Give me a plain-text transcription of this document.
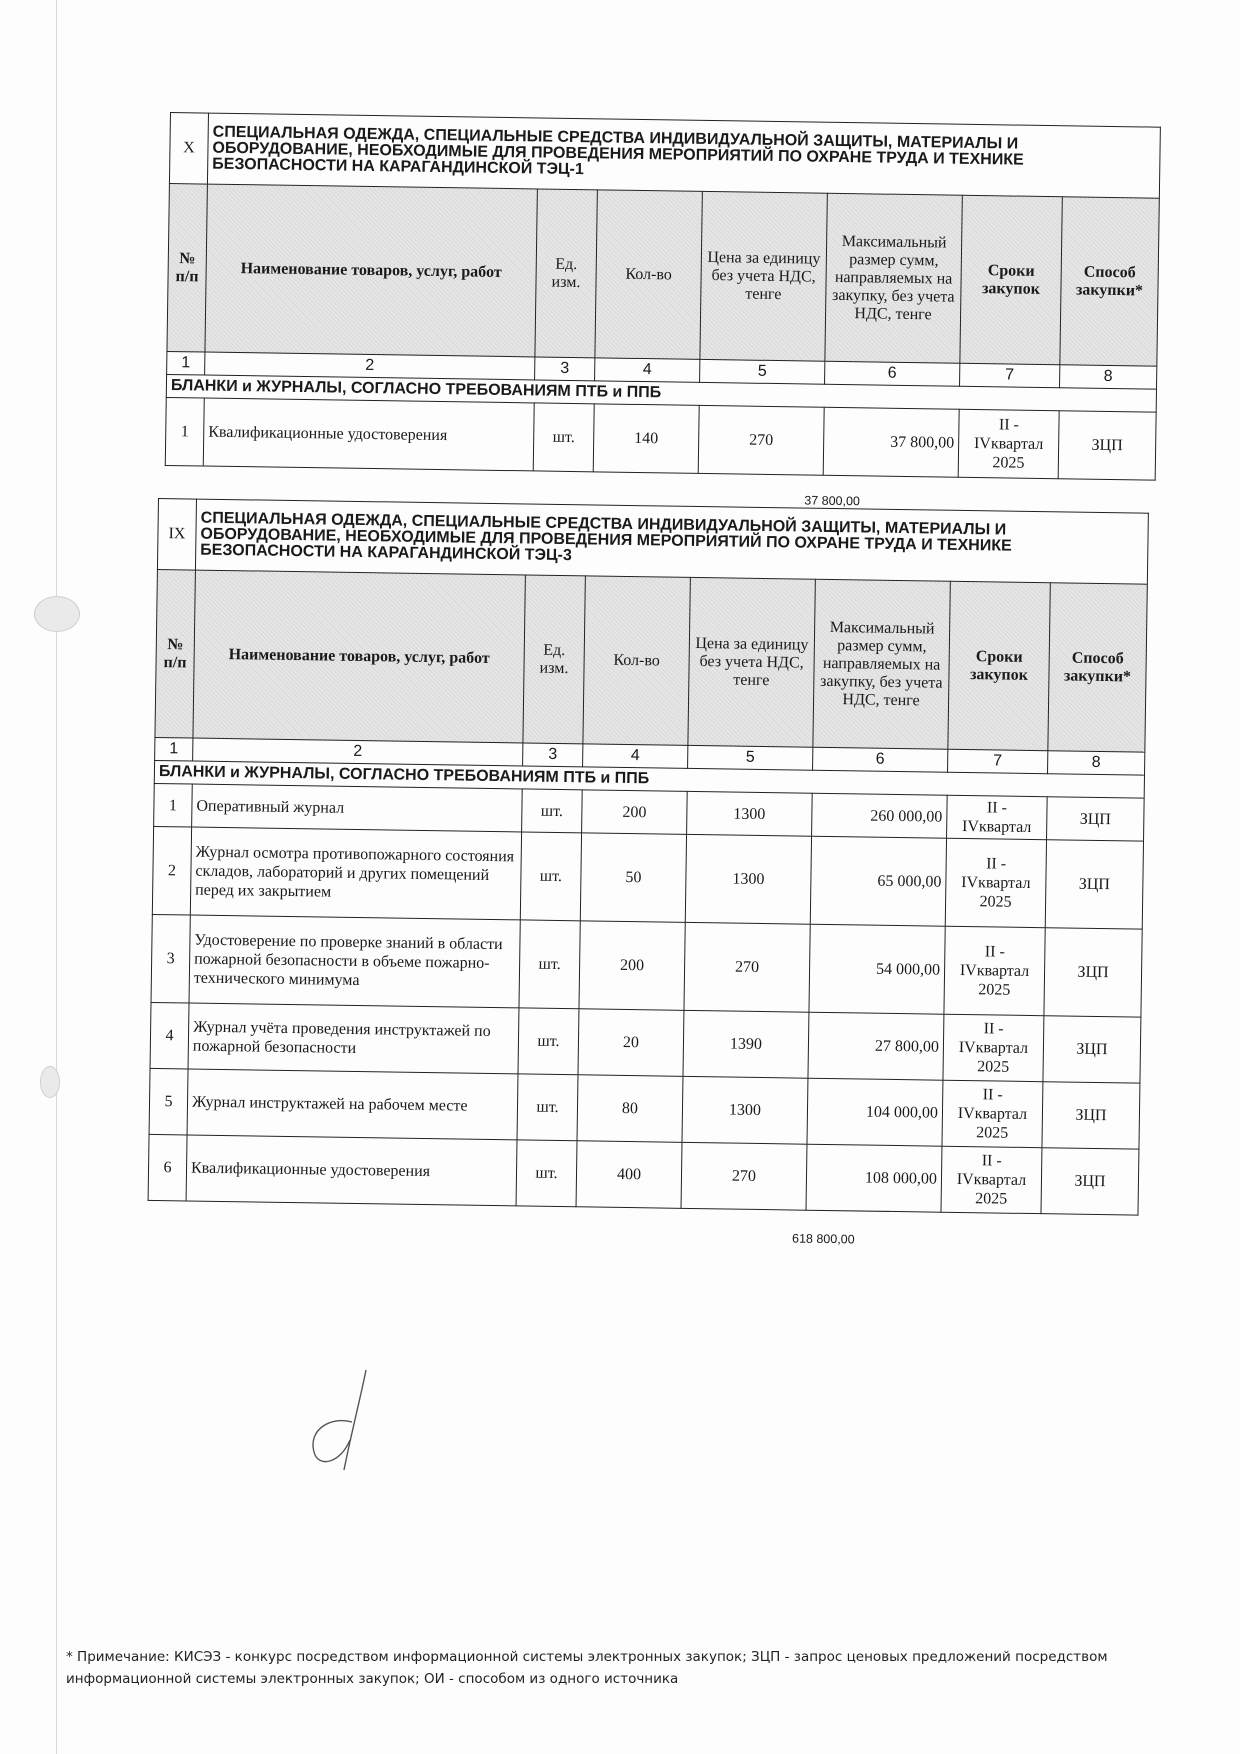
X	СПЕЦИАЛЬНАЯ ОДЕЖДА, СПЕЦИАЛЬНЫЕ СРЕДСТВА ИНДИВИДУАЛЬНОЙ ЗАЩИТЫ, МАТЕРИАЛЫ И ОБОРУДОВАНИЕ, НЕОБХОДИМЫЕ ДЛЯ ПРОВЕДЕНИЯ МЕРОПРИЯТИЙ ПО ОХРАНЕ ТРУДА И ТЕХНИКЕ БЕЗОПАСНОСТИ НА КАРАГАНДИНСКОЙ ТЭЦ-1						
№ п/п	Наименование товаров, услуг, работ	Ед. изм.	Кол-во	Цена за единицу без учета НДС, тенге	Максимальный размер сумм, направляемых на закупку, без учета НДС, тенге	Сроки закупок	Способ закупки*
1	2	3	4	5	6	7	8
БЛАНКИ и ЖУРНАЛЫ, СОГЛАСНО ТРЕБОВАНИЯМ ПТБ и ППБ							
1	Квалификационные удостоверения	шт.	140	270	37 800,00	II - IVквартал 2025	ЗЦП
37 800,00
IX	СПЕЦИАЛЬНАЯ ОДЕЖДА, СПЕЦИАЛЬНЫЕ СРЕДСТВА ИНДИВИДУАЛЬНОЙ ЗАЩИТЫ, МАТЕРИАЛЫ И ОБОРУДОВАНИЕ, НЕОБХОДИМЫЕ ДЛЯ ПРОВЕДЕНИЯ МЕРОПРИЯТИЙ ПО ОХРАНЕ ТРУДА И ТЕХНИКЕ БЕЗОПАСНОСТИ НА КАРАГАНДИНСКОЙ ТЭЦ-3						
№ п/п	Наименование товаров, услуг, работ	Ед. изм.	Кол-во	Цена за единицу без учета НДС, тенге	Максимальный размер сумм, направляемых на закупку, без учета НДС, тенге	Сроки закупок	Способ закупки*
1	2	3	4	5	6	7	8
БЛАНКИ и ЖУРНАЛЫ, СОГЛАСНО ТРЕБОВАНИЯМ ПТБ и ППБ							
1	Оперативный журнал	шт.	200	1300	260 000,00	II - IVквартал	ЗЦП
2	Журнал осмотра противопожарного состояния складов, лабораторий и других помещений перед их закрытием	шт.	50	1300	65 000,00	II - IVквартал 2025	ЗЦП
3	Удостоверение по проверке знаний в области пожарной безопасности в объеме пожарно-технического минимума	шт.	200	270	54 000,00	II - IVквартал 2025	ЗЦП
4	Журнал учёта проведения инструктажей по пожарной безопасности	шт.	20	1390	27 800,00	II - IVквартал 2025	ЗЦП
5	Журнал инструктажей на рабочем месте	шт.	80	1300	104 000,00	II - IVквартал 2025	ЗЦП
6	Квалификационные удостоверения	шт.	400	270	108 000,00	II - IVквартал 2025	ЗЦП
618 800,00
* Примечание: КИСЭЗ - конкурс посредством информационной системы электронных закупок; ЗЦП - запрос ценовых предложений посредством информационной системы электронных закупок; ОИ - способом из одного источника
